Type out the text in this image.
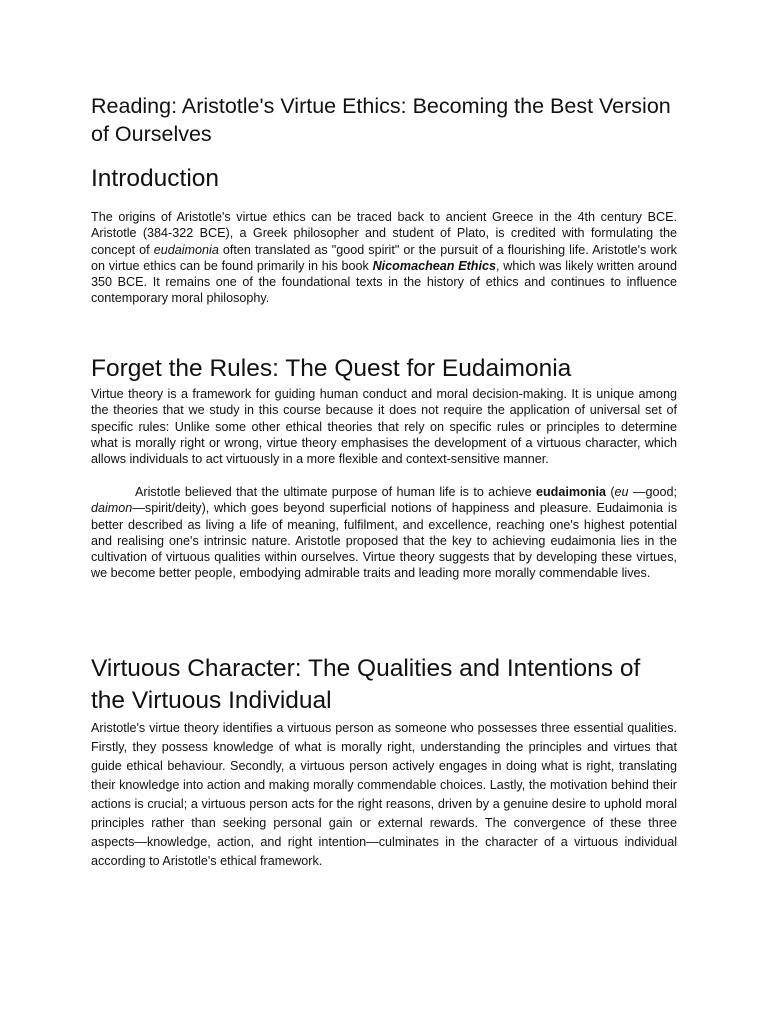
Reading: Aristotle's Virtue Ethics: Becoming the Best Version of Ourselves
Introduction

The origins of Aristotle's virtue ethics can be traced back to ancient Greece in the 4th century BCE. Aristotle (384-322 BCE), a Greek philosopher and student of Plato, is credited with formulating the concept of eudaimonia often translated as "good spirit" or the pursuit of a flourishing life. Aristotle's work on virtue ethics can be found primarily in his book Nicomachean Ethics, which was likely written around 350 BCE. It remains one of the foundational texts in the history of ethics and continues to influence contemporary moral philosophy.

Forget the Rules: The Quest for Eudaimonia

Virtue theory is a framework for guiding human conduct and moral decision-making. It is unique among the theories that we study in this course because it does not require the application of universal set of specific rules: Unlike some other ethical theories that rely on specific rules or principles to determine what is morally right or wrong, virtue theory emphasises the development of a virtuous character, which allows individuals to act virtuously in a more flexible and context-sensitive manner.

Aristotle believed that the ultimate purpose of human life is to achieve eudaimonia (eu —good; daimon—spirit/deity), which goes beyond superficial notions of happiness and pleasure. Eudaimonia is better described as living a life of meaning, fulfilment, and excellence, reaching one's highest potential and realising one's intrinsic nature. Aristotle proposed that the key to achieving eudaimonia lies in the cultivation of virtuous qualities within ourselves. Virtue theory suggests that by developing these virtues, we become better people, embodying admirable traits and leading more morally commendable lives.

Virtuous Character: The Qualities and Intentions of the Virtuous Individual

Aristotle's virtue theory identifies a virtuous person as someone who possesses three essential qualities. Firstly, they possess knowledge of what is morally right, understanding the principles and virtues that guide ethical behaviour. Secondly, a virtuous person actively engages in doing what is right, translating their knowledge into action and making morally commendable choices. Lastly, the motivation behind their actions is crucial; a virtuous person acts for the right reasons, driven by a genuine desire to uphold moral principles rather than seeking personal gain or external rewards. The convergence of these three aspects—knowledge, action, and right intention—culminates in the character of a virtuous individual according to Aristotle's ethical framework.
